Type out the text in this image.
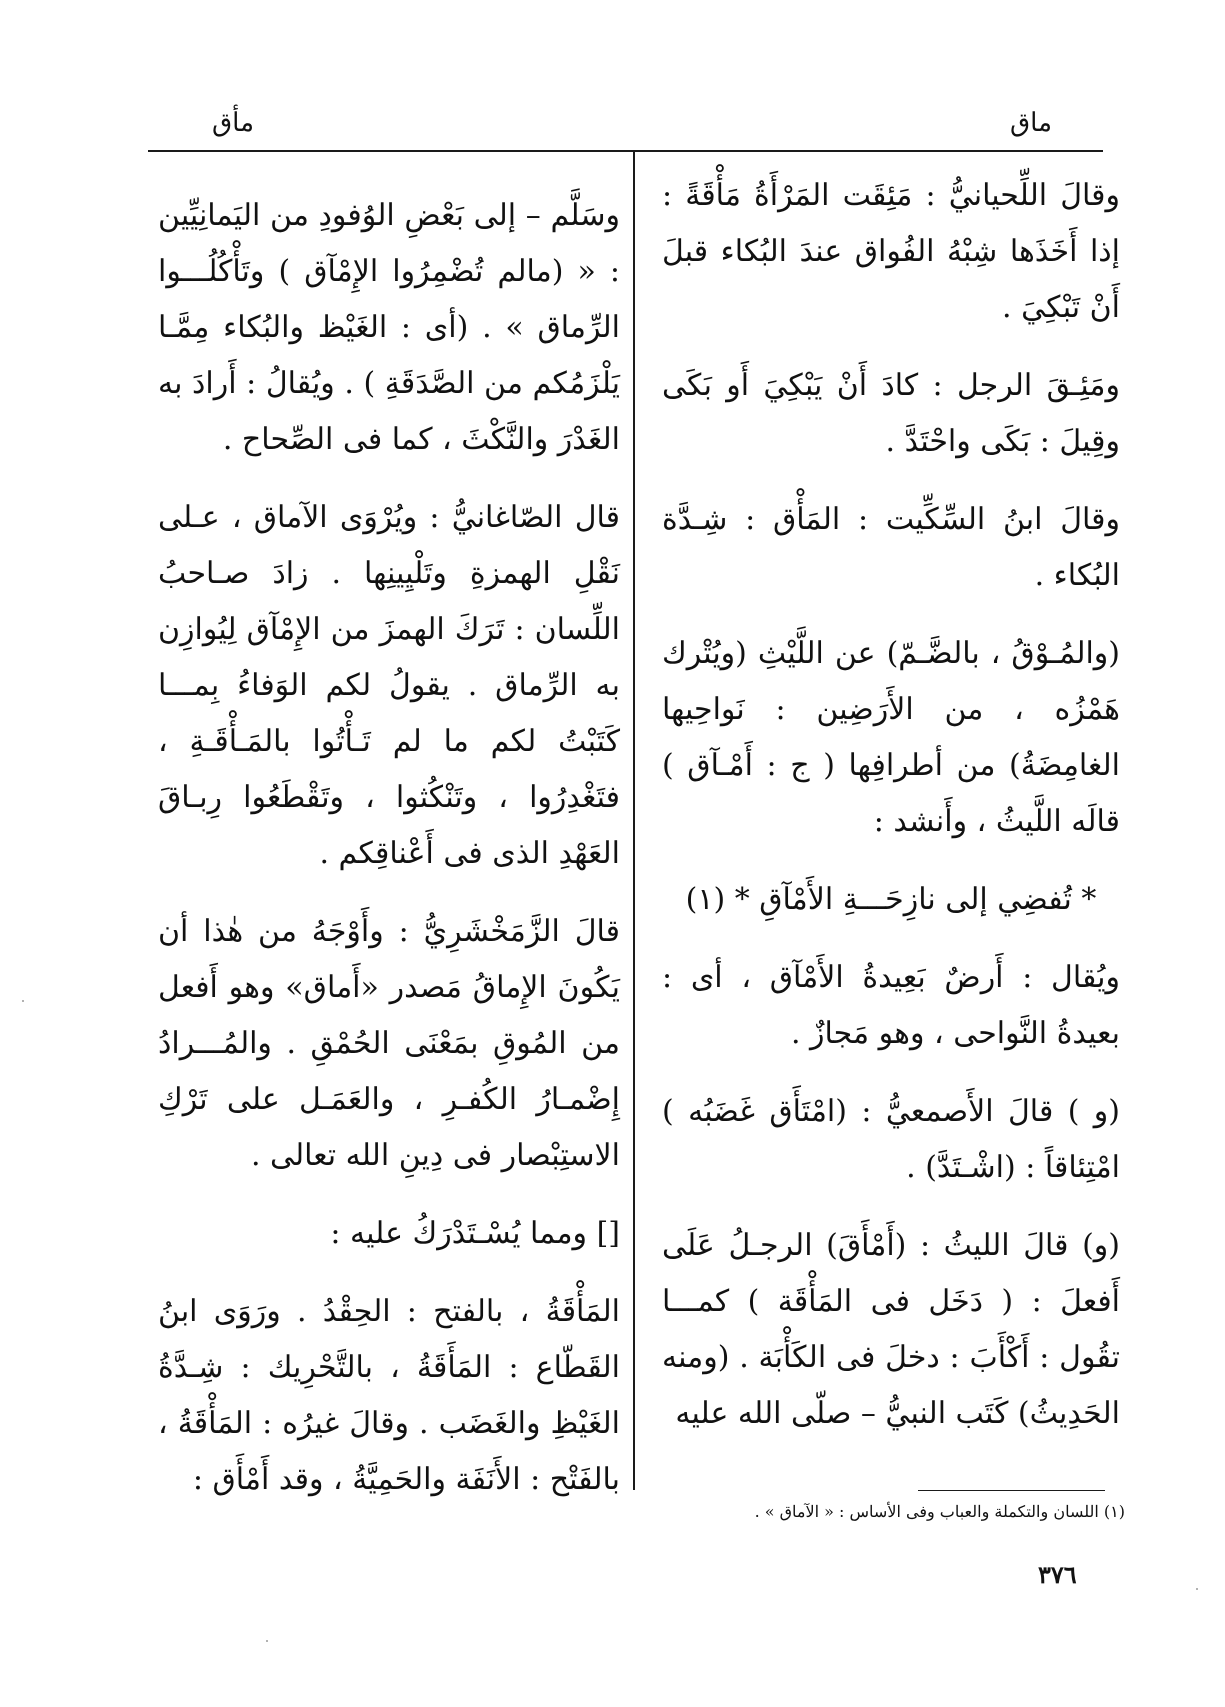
ماق
مأق

وقالَ اللِّحيانيُّ : مَئِقَت المَرْأَةُ مَأْقَةً : إذا أَخَذَها شِبْهُ الفُواق عندَ البُكاء قبلَ أَنْ تَبْكِيَ .

ومَئِـقَ الرجل : كادَ أَنْ يَبْكِيَ أَو بَكَى وقِيلَ : بَكَى واحْتَدَّ .

وقالَ ابنُ السِّكِّيت : المَأْق : شِـدَّة البُكاء .

(والمُـوْقُ ، بالضَّـمّ) عن اللَّيْثِ (ويُتْرك هَمْزُه ، من الأَرَضِين : نَواحِيها الغامِضَةُ) من أطرافِها ( ج : أَمْـآق ) قالَه اللَّيثُ ، وأَنشد :

* تُفضِي إلى نازِحَـــةِ الأَمْآقِ * (١)

ويُقال : أَرضٌ بَعِيدةُ الأَمْآق ، أى : بعيدةُ النَّواحى ، وهو مَجازٌ .

(و ) قالَ الأَصمعيُّ : (امْتَأَق غَضَبُه ) امْتِئاقاً : (اشْـتَدَّ) .

(و) قالَ الليثُ : (أَمْأَقَ) الرجـلُ عَلَى أَفعلَ : ( دَخَل فى المَأْقَة ) كمـــا تقُول : أَكْأَبَ : دخلَ فى الكَأْبَة . (ومنه الحَدِيثُ) كَتَب النبيُّ – صلّى الله عليه

وسَلَّم – إلى بَعْضِ الوُفودِ من اليَمانِيِّين : « (مالم تُضْمِرُوا الإِمْآق ) وتَأْكُلُـــوا الرِّماق » . (أى : الغَيْظ والبُكاء مِمَّـا يَلْزَمُكم من الصَّدَقَةِ ) . ويُقالُ : أَرادَ به الغَدْرَ والنَّكْثَ ، كما فى الصِّحاح .

قال الصّاغانيُّ : ويُرْوَى الآماق ، عـلى نَقْلِ الهمزةِ وتَلْيِينِها . زادَ صـاحبُ اللِّسان : تَرَكَ الهمزَ من الإِمْآق لِيُوازِن به الرِّماق . يقولُ لكم الوَفاءُ بِمـــا كَتَبْتُ لكم ما لم تَـأْتُوا بالمَـأْقَـةِ ، فتَغْدِرُوا ، وتَنْكُثوا ، وتَقْطَعُوا رِبـاقَ العَهْدِ الذى فى أَعْناقِكم .

قالَ الزَّمَخْشَرِيُّ : وأَوْجَهُ من هٰذا أن يَكُونَ الإِماقُ مَصدر «أَماق» وهو أَفعل من المُوقِ بمَعْنَى الحُمْقِ . والمُـــرادُ إِضْمـارُ الكُفـرِ ، والعَمَـل على تَرْكِ الاستِبْصار فى دِينِ الله تعالى .

[] ومما يُسْـتَدْرَكُ عليه :

المَأْقَةُ ، بالفتح : الحِقْدُ . ورَوَى ابنُ القَطّاع : المَأَقَةُ ، بالتَّحْرِيك : شِـدَّةُ الغَيْظِ والغَضَب . وقالَ غيرُه : المَأْقَةُ ، بالفَتْح : الأَنَفَة والحَمِيَّةُ ، وقد أَمْأَق :

(١) اللسان والتكملة والعباب وفى الأساس : « الآماق » .
٣٧٦
